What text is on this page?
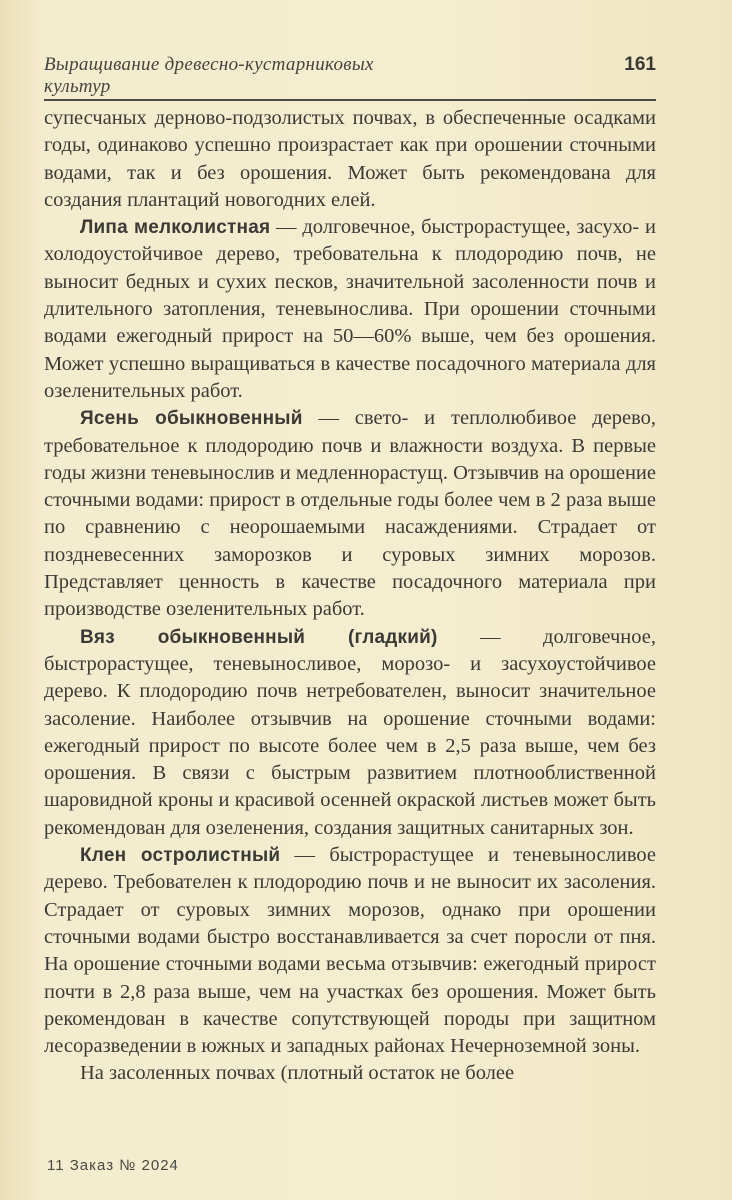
Выращивание древесно-кустарниковых культур
161

супесчаных дерново-подзолистых почвах, в обеспеченные осадками годы, одинаково успешно произрастает как при орошении сточными водами, так и без орошения. Может быть рекомендована для создания плантаций новогодних елей.

Липа мелколистная — долговечное, быстрорастущее, засухо- и холодоустойчивое дерево, требовательна к плодородию почв, не выносит бедных и сухих песков, значительной засоленности почв и длительного затопления, теневынослива. При орошении сточными водами ежегодный прирост на 50—60% выше, чем без орошения. Может успешно выращиваться в качестве посадочного материала для озеленительных работ.

Ясень обыкновенный — свето- и теплолюбивое дерево, требовательное к плодородию почв и влажности воздуха. В первые годы жизни теневынослив и медленнорастущ. Отзывчив на орошение сточными водами: прирост в отдельные годы более чем в 2 раза выше по сравнению с неорошаемыми насаждениями. Страдает от поздневесенних заморозков и суровых зимних морозов. Представляет ценность в качестве посадочного материала при производстве озеленительных работ.

Вяз обыкновенный (гладкий) — долговечное, быстрорастущее, теневыносливое, морозо- и засухоустойчивое дерево. К плодородию почв нетребователен, выносит значительное засоление. Наиболее отзывчив на орошение сточными водами: ежегодный прирост по высоте более чем в 2,5 раза выше, чем без орошения. В связи с быстрым развитием плотнооблиственной шаровидной кроны и красивой осенней окраской листьев может быть рекомендован для озеленения, создания защитных санитарных зон.

Клен остролистный — быстрорастущее и теневыносливое дерево. Требователен к плодородию почв и не выносит их засоления. Страдает от суровых зимних морозов, однако при орошении сточными водами быстро восстанавливается за счет поросли от пня. На орошение сточными водами весьма отзывчив: ежегодный прирост почти в 2,8 раза выше, чем на участках без орошения. Может быть рекомендован в качестве сопутствующей породы при защитном лесоразведении в южных и западных районах Нечерноземной зоны.

На засоленных почвах (плотный остаток не более

11 Заказ № 2024
